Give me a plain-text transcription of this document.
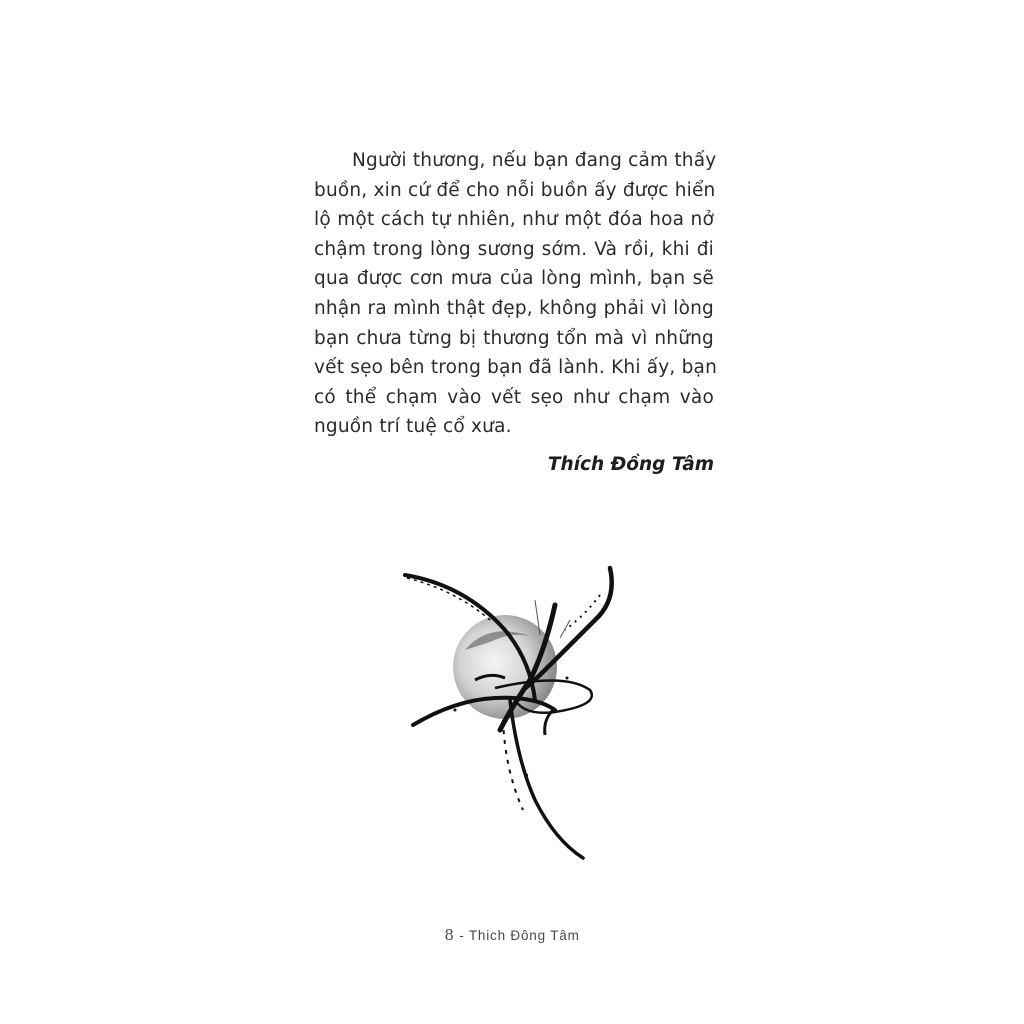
Người thương, nếu bạn đang cảm thấy
buồn, xin cứ để cho nỗi buồn ấy được hiển
lộ một cách tự nhiên, như một đóa hoa nở
chậm trong lòng sương sớm. Và rồi, khi đi
qua được cơn mưa của lòng mình, bạn sẽ
nhận ra mình thật đẹp, không phải vì lòng
bạn chưa từng bị thương tổn mà vì những
vết sẹo bên trong bạn đã lành. Khi ấy, bạn
có thể chạm vào vết sẹo như chạm vào
nguồn trí tuệ cổ xưa.
Thích Đồng Tâm
8 - Thich Đông Tâm
